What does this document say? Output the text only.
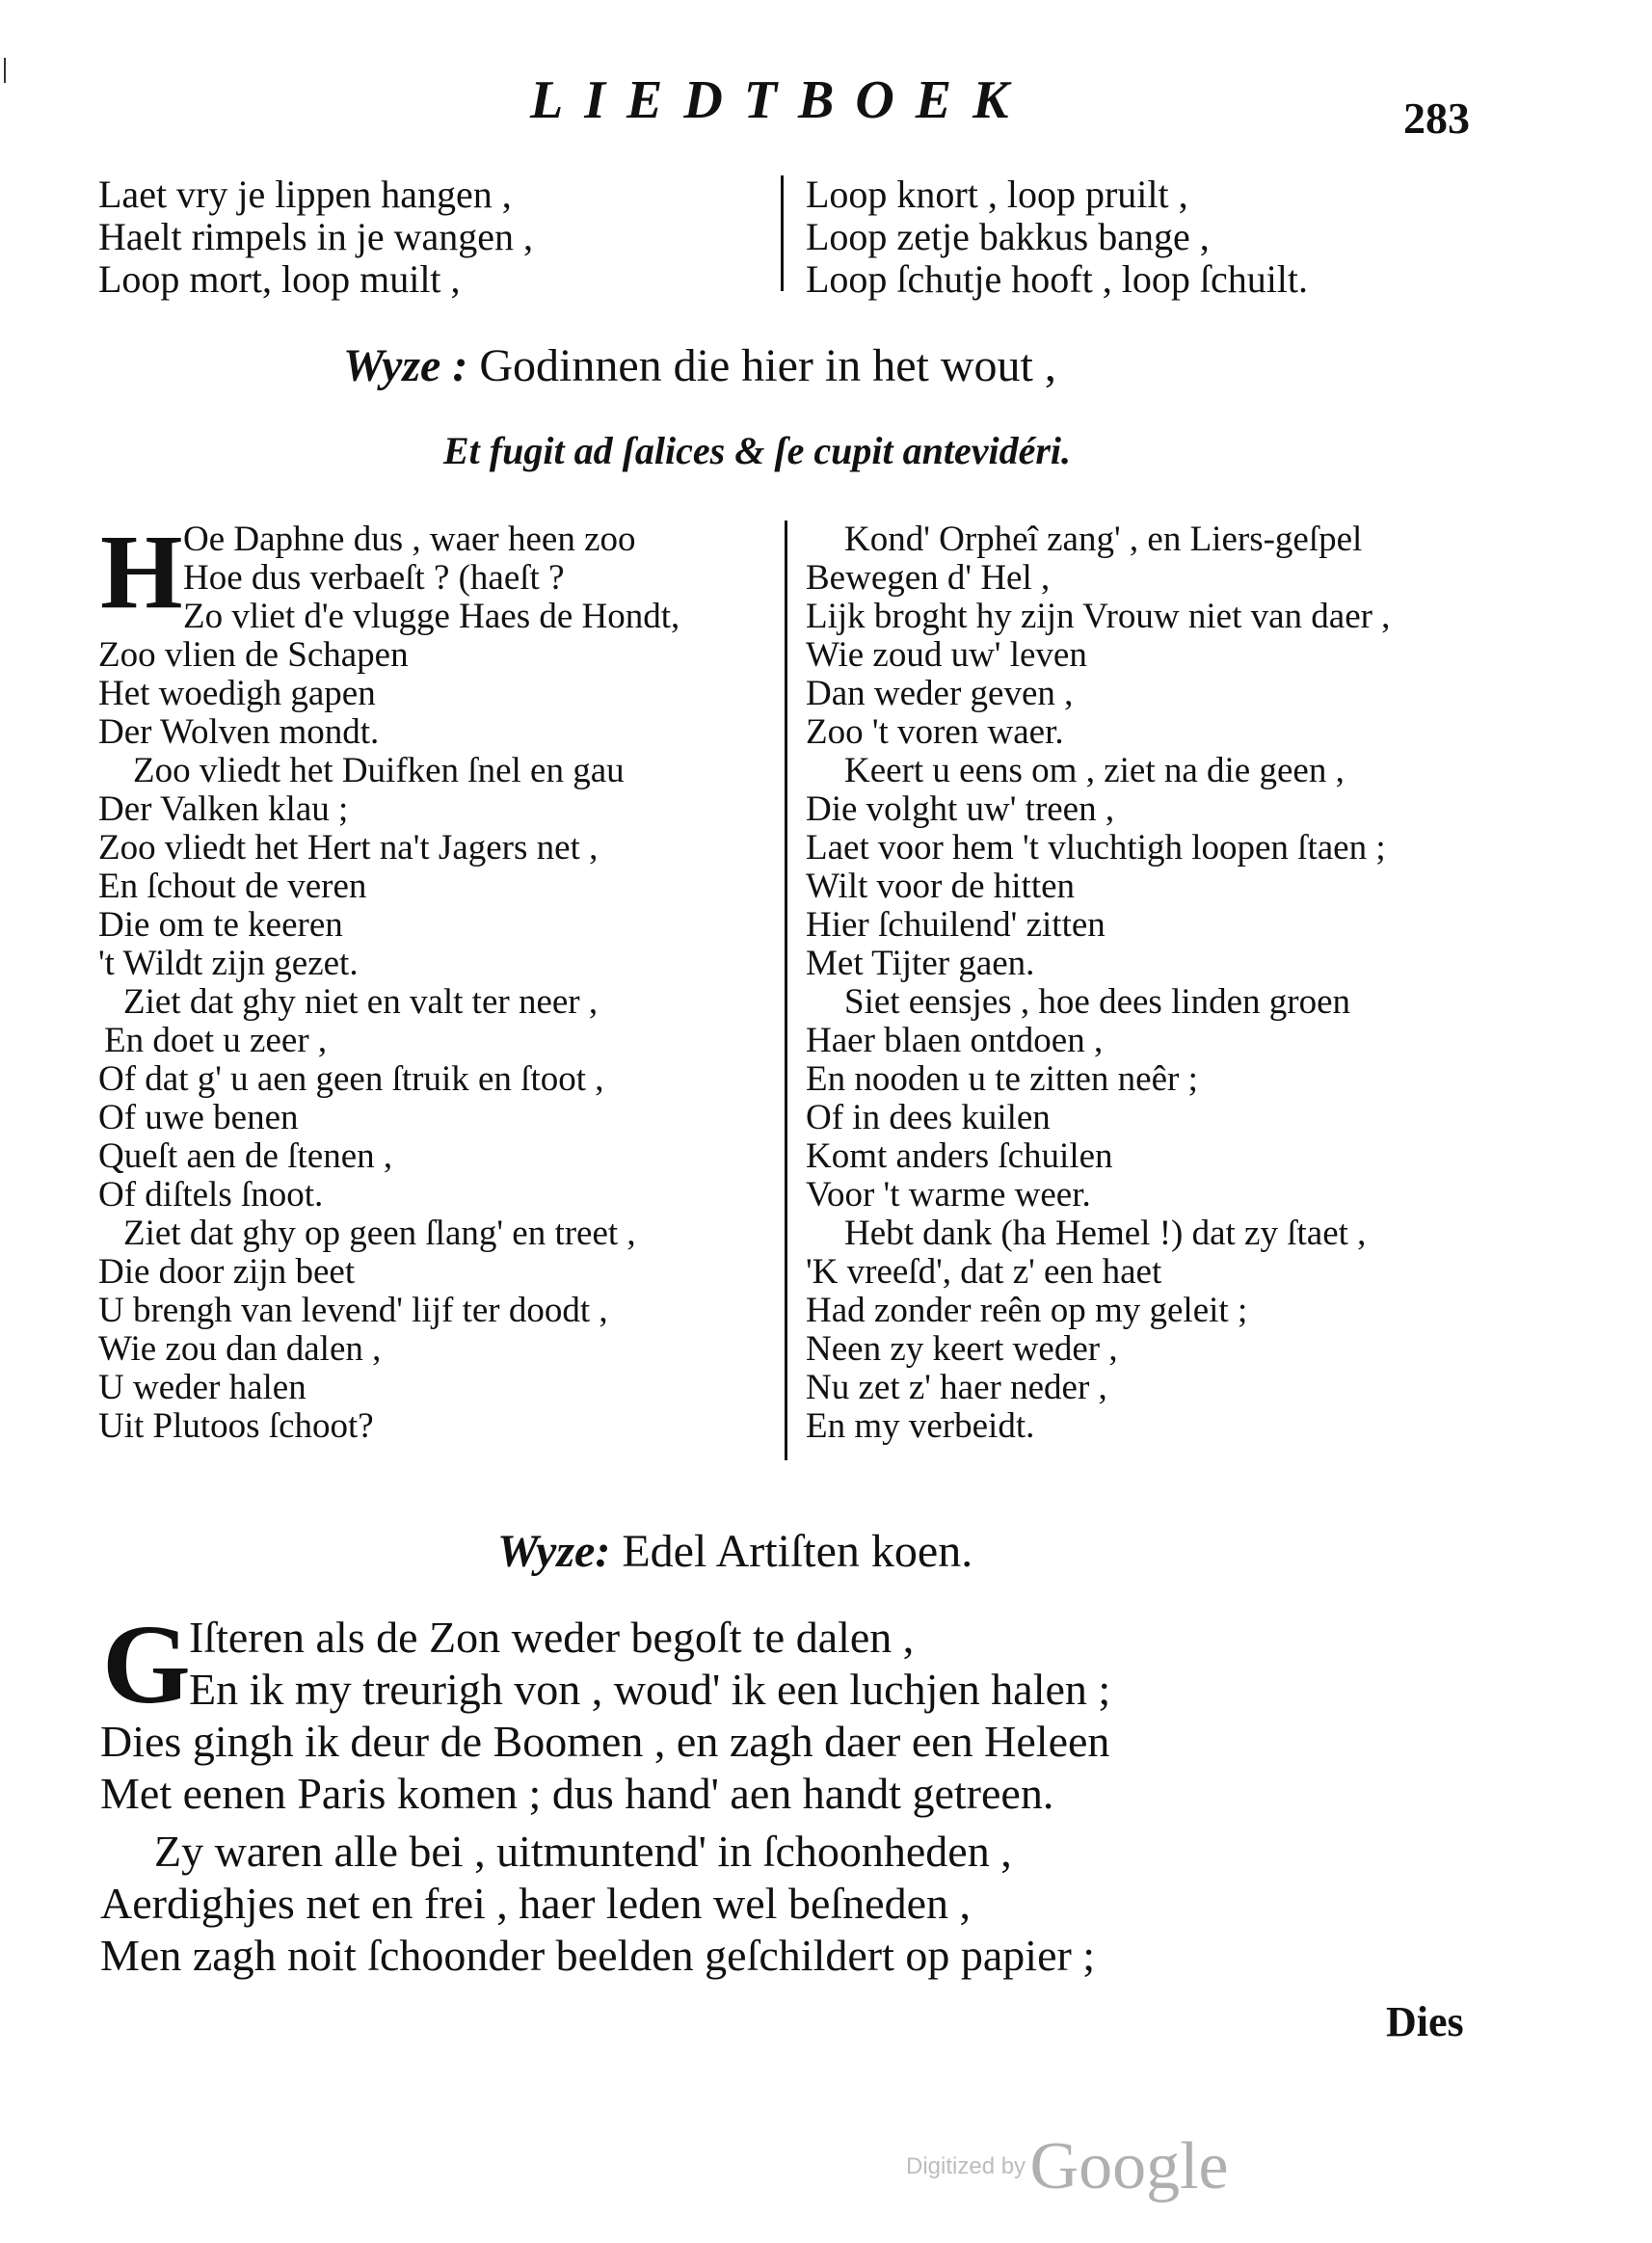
LIEDTBOEK	283
Laet vry je lippen hangen ,
Haelt rimpels in je wangen ,
Loop mort, loop muilt ,
Loop knort , loop pruilt ,
Loop zetje bakkus bange ,
Loop ſchutje hooft , loop ſchuilt.
Wyze : Godinnen die hier in het wout ,
Et fugit ad ſalices & ſe cupit antevidéri.
H Oe Daphne dus , waer heen zoo
Hoe dus verbaeſt ? (haeſt ?
Zo vliet d'e vlugge Haes de Hondt,
Zoo vlien de Schapen
Het woedigh gapen
Der Wolven mondt.
Zoo vliedt het Duifken ſnel en gau
Der Valken klau ;
Zoo vliedt het Hert na't Jagers net ,
En ſchout de veren
Die om te keeren
't Wildt zijn gezet.
Ziet dat ghy niet en valt ter neer ,
En doet u zeer ,
Of dat g' u aen geen ſtruik en ſtoot ,
Of uwe benen
Queſt aen de ſtenen ,
Of diſtels ſnoot.
Ziet dat ghy op geen ſlang' en treet ,
Die door zijn beet
U brengh van levend' lijf ter doodt ,
Wie zou dan dalen ,
U weder halen
Uit Plutoos ſchoot?
Kond' Orpheî zang' , en Liers-geſpel
Bewegen d' Hel ,
Lijk broght hy zijn Vrouw niet van daer ,
Wie zoud uw' leven
Dan weder geven ,
Zoo 't voren waer.
Keert u eens om , ziet na die geen ,
Die volght uw' treen ,
Laet voor hem 't vluchtigh loopen ſtaen ;
Wilt voor de hitten
Hier ſchuilend' zitten
Met Tijter gaen.
Siet eensjes , hoe dees linden groen
Haer blaen ontdoen ,
En nooden u te zitten neêr ;
Of in dees kuilen
Komt anders ſchuilen
Voor 't warme weer.
Hebt dank (ha Hemel !) dat zy ſtaet ,
'K vreeſd', dat z' een haet
Had zonder reên op my geleit ;
Neen zy keert weder ,
Nu zet z' haer neder ,
En my verbeidt.
Wyze: Edel Artiſten koen.
G
Iſteren als de Zon weder begoſt te dalen ,
En ik my treurigh von , woud' ik een luchjen halen ;
Dies gingh ik deur de Boomen , en zagh daer een Heleen
Met eenen Paris komen ; dus hand' aen handt getreen.
Zy waren alle bei , uitmuntend' in ſchoonheden ,
Aerdighjes net en frei , haer leden wel beſneden ,
Men zagh noit ſchoonder beelden geſchildert op papier ;
Dies
Digitized by Google
